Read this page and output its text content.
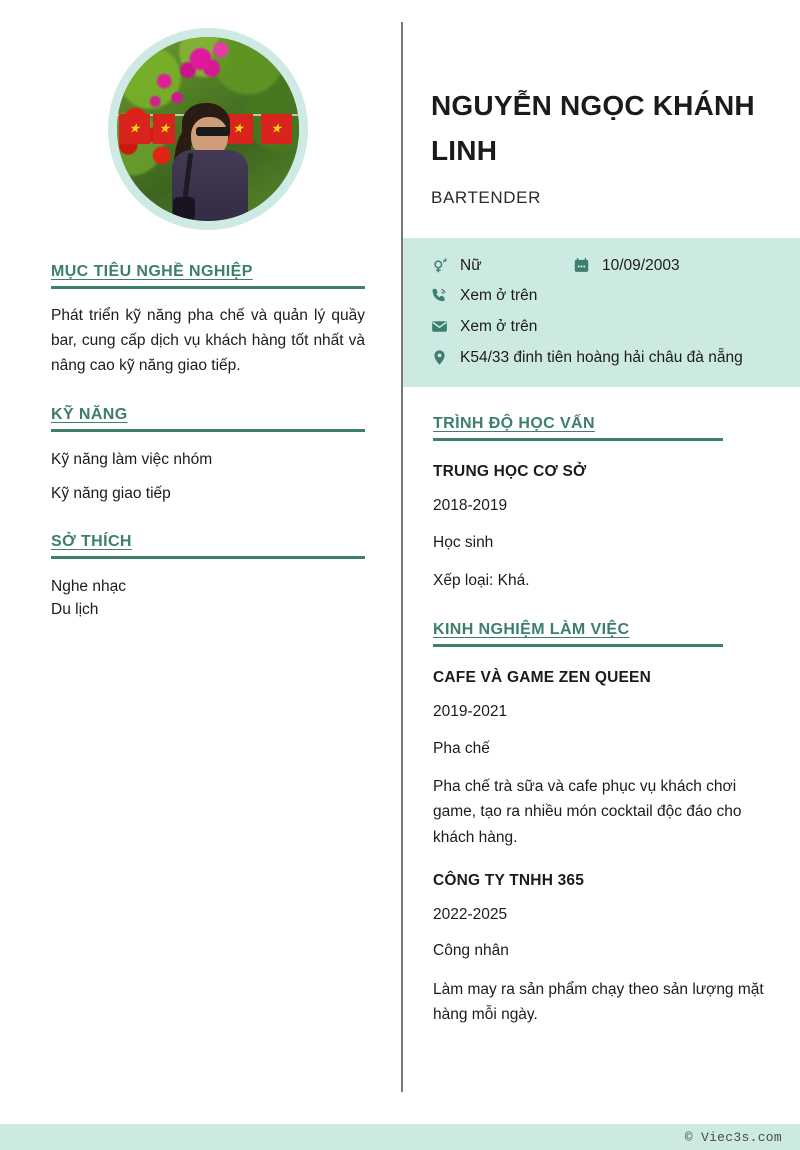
★
★
★
★
MỤC TIÊU NGHỀ NGHIỆP
Phát triển kỹ năng pha chế và quản lý quầy bar, cung cấp dịch vụ khách hàng tốt nhất và nâng cao kỹ năng giao tiếp.
KỸ NĂNG
Kỹ năng làm việc nhóm
Kỹ năng giao tiếp
SỞ THÍCH
Nghe nhạc
Du lịch
NGUYỄN NGỌC KHÁNH LINH
BARTENDER
Nữ	10/09/2003
Xem ở trên
Xem ở trên
K54/33 đinh tiên hoàng hải châu đà nẵng
TRÌNH ĐỘ HỌC VẤN
TRUNG HỌC CƠ SỞ
2018-2019
Học sinh
Xếp loại: Khá.
KINH NGHIỆM LÀM VIỆC
CAFE VÀ GAME ZEN QUEEN
2019-2021
Pha chế
Pha chế trà sữa và cafe phục vụ khách chơi game, tạo ra nhiều món cocktail độc đáo cho khách hàng.
CÔNG TY TNHH 365
2022-2025
Công nhân
Làm may ra sản phẩm chạy theo sản lượng mặt hàng mỗi ngày.
© Viec3s.com
